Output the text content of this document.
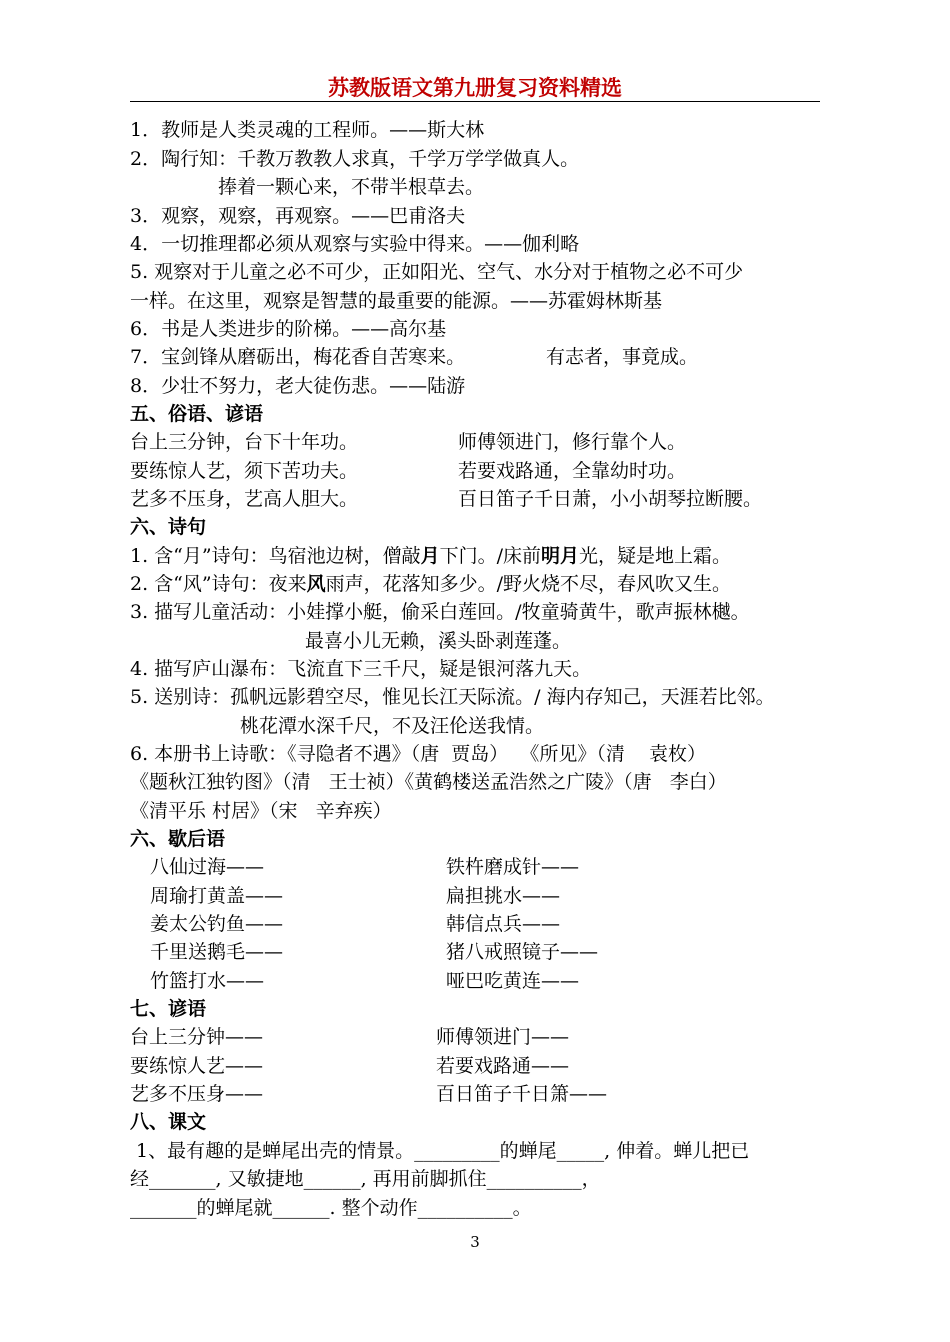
苏教版语文第九册复习资料精选
1．教师是人类灵魂的工程师。——斯大林
2．陶行知：千教万教教人求真，千学万学学做真人。
捧着一颗心来，不带半根草去。
3．观察，观察，再观察。——巴甫洛夫
4．一切推理都必须从观察与实验中得来。——伽利略
5. 观察对于儿童之必不可少，正如阳光、空气、水分对于植物之必不可少
一样。在这里，观察是智慧的最重要的能源。——苏霍姆林斯基
6．书是人类进步的阶梯。——高尔基
7．宝剑锋从磨砺出，梅花香自苦寒来。	有志者，事竟成。
8．少壮不努力，老大徒伤悲。——陆游
五、俗语、谚语
台上三分钟，台下十年功。	师傅领进门，修行靠个人。
要练惊人艺，须下苦功夫。	若要戏路通，全靠幼时功。
艺多不压身，艺高人胆大。	百日笛子千日萧，小小胡琴拉断腰。
六、诗句
1. 含“月”诗句：鸟宿池边树，僧敲月下门。/床前明月光，疑是地上霜。
2. 含“风”诗句：夜来风雨声，花落知多少。/野火烧不尽，春风吹又生。
3. 描写儿童活动：小娃撑小艇，偷采白莲回。/牧童骑黄牛，歌声振林樾。
最喜小儿无赖，溪头卧剥莲蓬。
4. 描写庐山瀑布：飞流直下三千尺，疑是银河落九天。
5. 送别诗：孤帆远影碧空尽，惟见长江天际流。/ 海内存知己，天涯若比邻。
桃花潭水深千尺，不及汪伦送我情。
6. 本册书上诗歌：《寻隐者不遇》（唐  贾岛）  《所见》（清    袁枚）
《题秋江独钓图》（清   王士祯）《黄鹤楼送孟浩然之广陵》（唐   李白）
《清平乐 村居》（宋   辛弃疾）
六、歇后语
八仙过海——	铁杵磨成针——
周瑜打黄盖——	扁担挑水——
姜太公钓鱼——	韩信点兵——
千里送鹅毛——	猪八戒照镜子——
竹篮打水——	哑巴吃黄连——
七、谚语
台上三分钟——	师傅领进门——
要练惊人艺——	若要戏路通——
艺多不压身——	百日笛子千日箫——
八、课文
1、最有趣的是蝉尾出壳的情景。_________的蝉尾_____, 伸着。蝉儿把已
经_______, 又敏捷地______, 再用前脚抓住__________，
_______的蝉尾就______. 整个动作__________。
3
